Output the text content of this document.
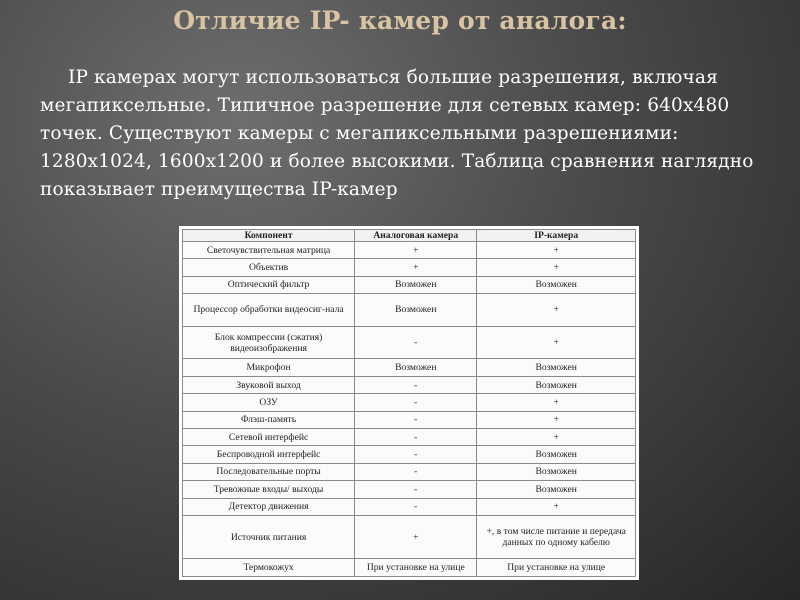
Отличие IP- камер от аналога:

IP камерах могут использоваться большие разрешения, включая мегапиксельные. Типичное разрешение для сетевых камер: 640х480 точек. Существуют камеры с мегапиксельными разрешениями: 1280x1024, 1600x1200 и более высокими. Таблица сравнения наглядно показывает преимущества IP-камер

Компонент	Аналоговая камера	IP-камера
Светочувствительная матрица	+	+
Объектив	+	+
Оптический фильтр	Возможен	Возможен
Процессор обработки видеосиг-нала	Возможен	+
Блок компрессии (сжатия) видеоизображения	-	+
Микрофон	Возможен	Возможен
Звуковой выход	-	Возможен
ОЗУ	-	+
Флэш-память	-	+
Сетевой интерфейс	-	+
Беспроводной интерфейс	-	Возможен
Последовательные порты	-	Возможен
Тревожные входы/ выходы	-	Возможен
Детектор движения	-	+
Источник питания	+	+, в том числе питание и передача данных по одному кабелю
Термокожух	При установке на улице	При установке на улице
